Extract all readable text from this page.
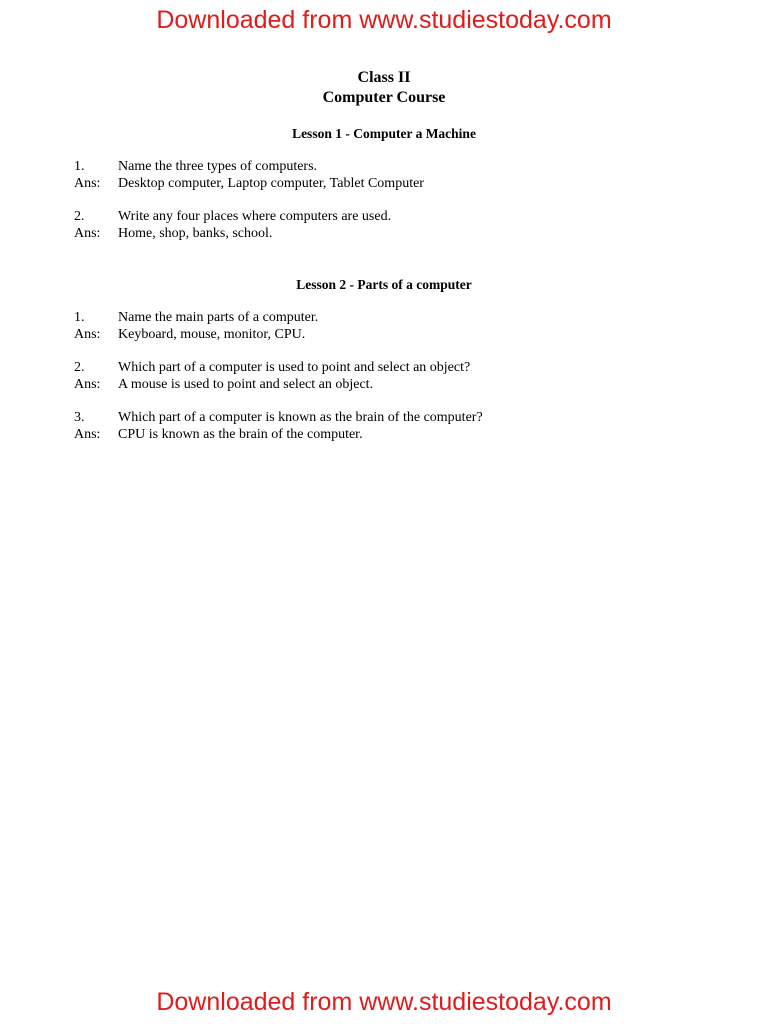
Downloaded from www.studiestoday.com
Class II
Computer Course
Lesson 1 - Computer a Machine
1.	Name the three types of computers.
Ans:	Desktop computer, Laptop computer, Tablet Computer
2.	Write any four places where computers are used.
Ans:	Home, shop, banks, school.
Lesson 2 - Parts of a computer
1.	Name the main parts of a computer.
Ans:	Keyboard, mouse, monitor, CPU.
2.	Which part of a computer is used to point and select an object?
Ans:	A mouse is used to point and select an object.
3.	Which part of a computer is known as the brain of the computer?
Ans:	CPU is known as the brain of the computer.
Downloaded from www.studiestoday.com
